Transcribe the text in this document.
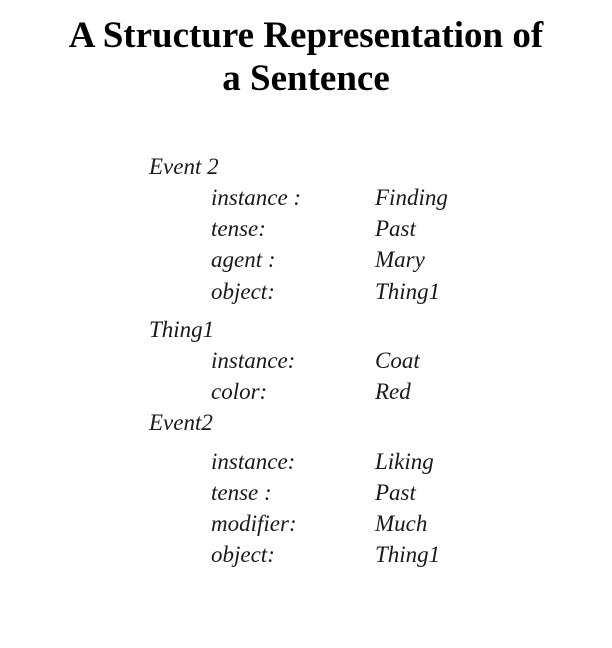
A Structure Representation of
a Sentence
Event 2
instance :	Finding
tense:	Past
agent :	Mary
object:	Thing1
Thing1
instance:	Coat
color:	Red
Event2
instance:	Liking
tense :	Past
modifier:	Much
object:	Thing1
